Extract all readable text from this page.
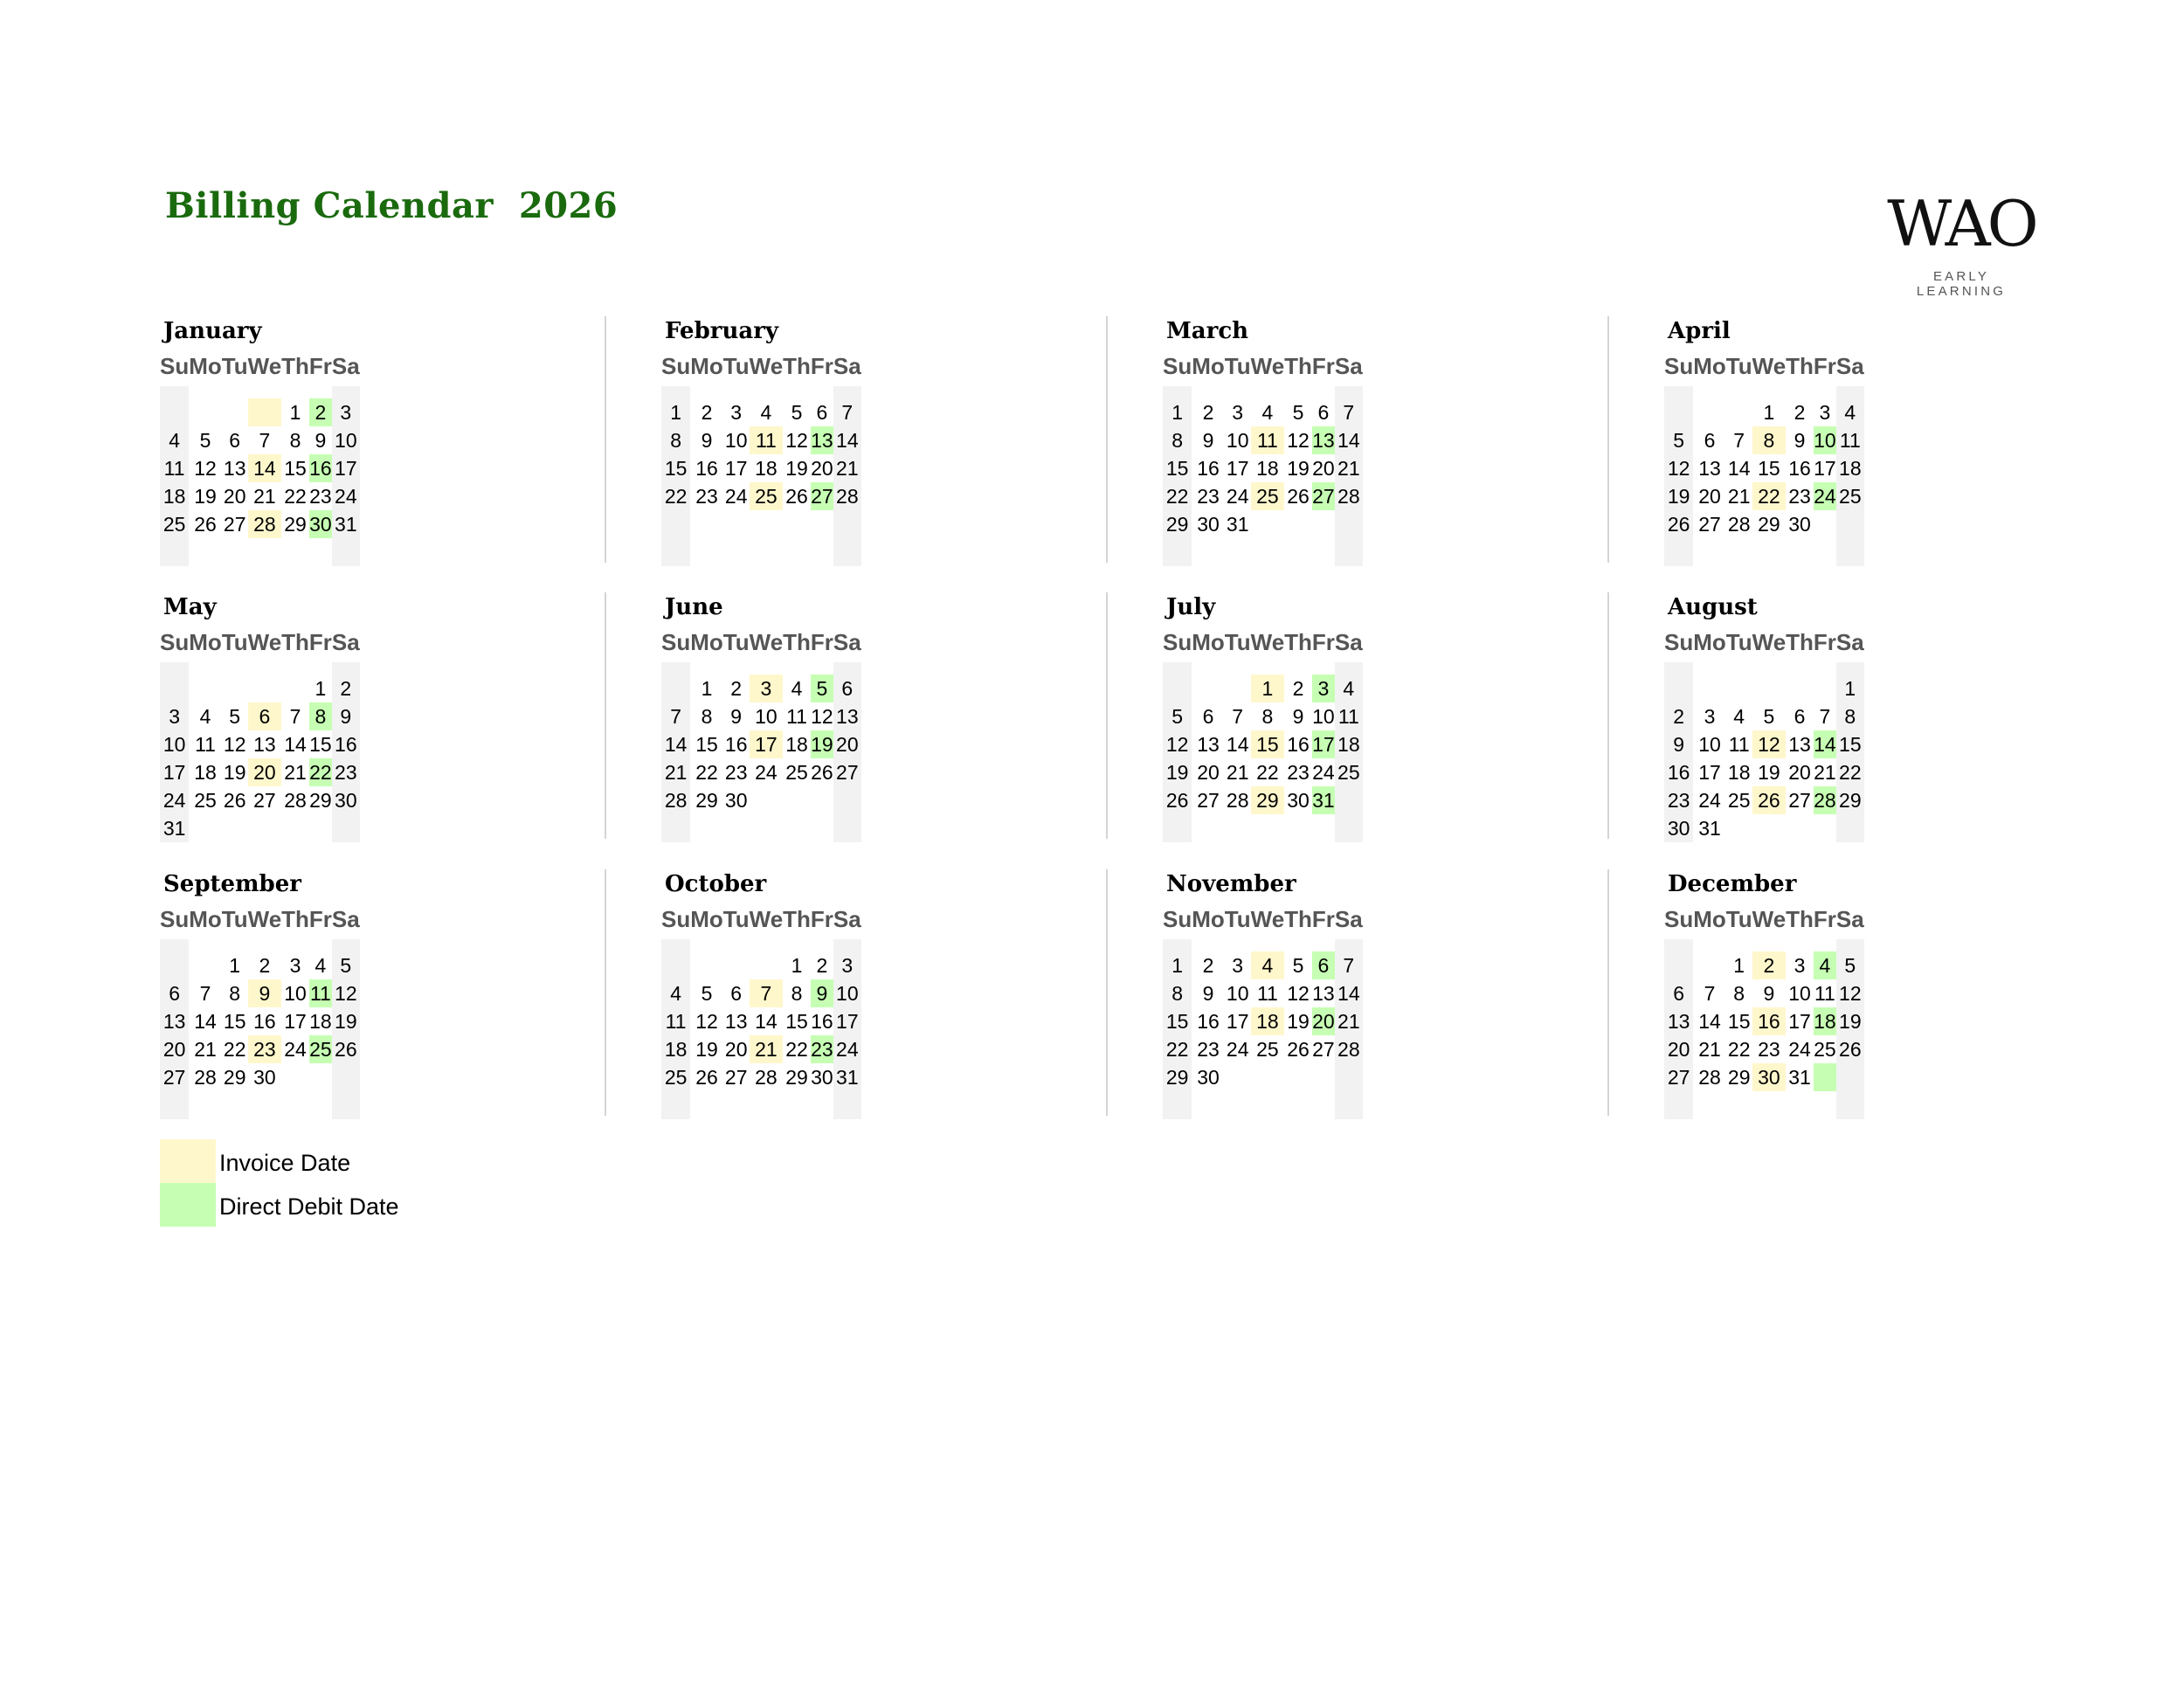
Billing Calendar  2026	WAO
EARLY LEARNING
January
Su	Mo	Tu	We	Th	Fr	Sa

				1	2	3
4	5	6	7	8	9	10
11	12	13	14	15	16	17
18	19	20	21	22	23	24
25	26	27	28	29	30	31

February
Su	Mo	Tu	We	Th	Fr	Sa

1	2	3	4	5	6	7
8	9	10	11	12	13	14
15	16	17	18	19	20	21
22	23	24	25	26	27	28

March
Su	Mo	Tu	We	Th	Fr	Sa

1	2	3	4	5	6	7
8	9	10	11	12	13	14
15	16	17	18	19	20	21
22	23	24	25	26	27	28
29	30	31				

April
Su	Mo	Tu	We	Th	Fr	Sa

			1	2	3	4
5	6	7	8	9	10	11
12	13	14	15	16	17	18
19	20	21	22	23	24	25
26	27	28	29	30		

May
Su	Mo	Tu	We	Th	Fr	Sa

					1	2
3	4	5	6	7	8	9
10	11	12	13	14	15	16
17	18	19	20	21	22	23
24	25	26	27	28	29	30
31						
June
Su	Mo	Tu	We	Th	Fr	Sa

	1	2	3	4	5	6
7	8	9	10	11	12	13
14	15	16	17	18	19	20
21	22	23	24	25	26	27
28	29	30				

July
Su	Mo	Tu	We	Th	Fr	Sa

			1	2	3	4
5	6	7	8	9	10	11
12	13	14	15	16	17	18
19	20	21	22	23	24	25
26	27	28	29	30	31	

August
Su	Mo	Tu	We	Th	Fr	Sa

						1
2	3	4	5	6	7	8
9	10	11	12	13	14	15
16	17	18	19	20	21	22
23	24	25	26	27	28	29
30	31					
September
Su	Mo	Tu	We	Th	Fr	Sa

		1	2	3	4	5
6	7	8	9	10	11	12
13	14	15	16	17	18	19
20	21	22	23	24	25	26
27	28	29	30			

October
Su	Mo	Tu	We	Th	Fr	Sa

				1	2	3
4	5	6	7	8	9	10
11	12	13	14	15	16	17
18	19	20	21	22	23	24
25	26	27	28	29	30	31

November
Su	Mo	Tu	We	Th	Fr	Sa

1	2	3	4	5	6	7
8	9	10	11	12	13	14
15	16	17	18	19	20	21
22	23	24	25	26	27	28
29	30					

December
Su	Mo	Tu	We	Th	Fr	Sa

		1	2	3	4	5
6	7	8	9	10	11	12
13	14	15	16	17	18	19
20	21	22	23	24	25	26
27	28	29	30	31		

Invoice Date
Direct Debit Date
